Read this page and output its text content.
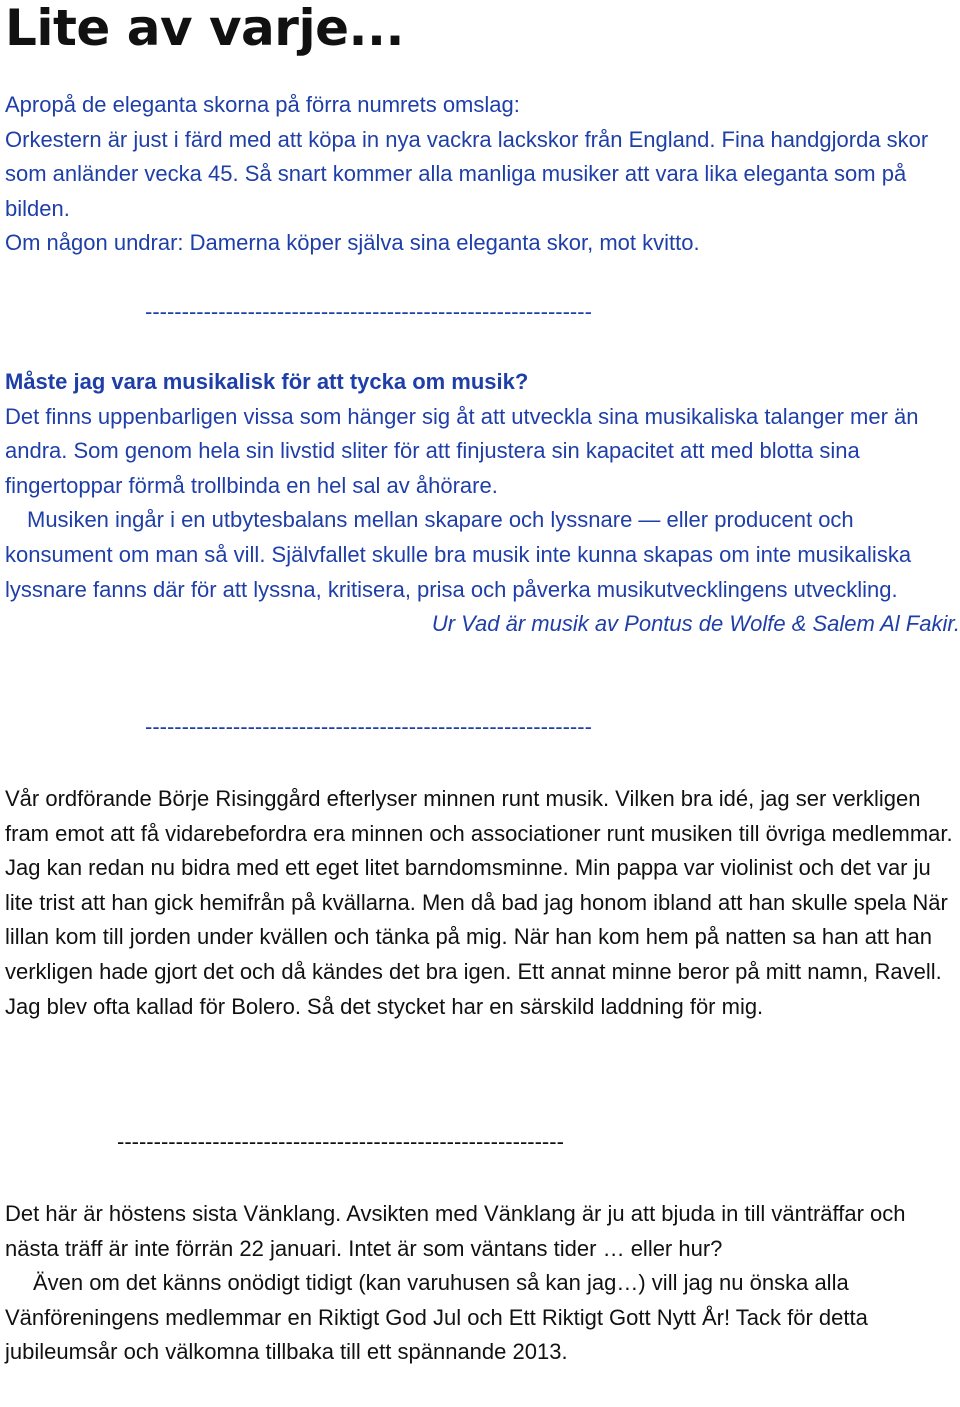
Lite av varje...

Apropå de eleganta skorna på förra numrets omslag:

Orkestern är just i färd med att köpa in nya vackra lackskor från England. Fina handgjorda skor som anländer vecka 45. Så snart kommer alla manliga musiker att vara lika eleganta som på bilden.

Om någon undrar: Damerna köper själva sina eleganta skor, mot kvitto.

-------------------------------------------------------------

Måste jag vara musikalisk för att tycka om musik?

Det finns uppenbarligen vissa som hänger sig åt att utveckla sina musikaliska talanger mer än andra. Som genom hela sin livstid sliter för att finjustera sin kapacitet att med blotta sina fingertoppar förmå trollbinda en hel sal av åhörare.

Musiken ingår i en utbytesbalans mellan skapare och lyssnare — eller producent och konsument om man så vill. Självfallet skulle bra musik inte kunna skapas om inte musikaliska lyssnare fanns där för att lyssna, kritisera, prisa och påverka musikutvecklingens utveckling.

Ur Vad är musik av Pontus de Wolfe & Salem Al Fakir.

-------------------------------------------------------------

Vår ordförande Börje Risinggård efterlyser minnen runt musik. Vilken bra idé, jag ser verkligen fram emot att få vidarebefordra era minnen och associationer runt musiken till övriga medlemmar. Jag kan redan nu bidra med ett eget litet barndomsminne. Min pappa var violinist och det var ju lite trist att han gick hemifrån på kvällarna. Men då bad jag honom ibland att han skulle spela När lillan kom till jorden under kvällen och tänka på mig. När han kom hem på natten sa han att han verkligen hade gjort det och då kändes det bra igen. Ett annat minne beror på mitt namn, Ravell. Jag blev ofta kallad för Bolero. Så det stycket har en särskild laddning för mig.

-------------------------------------------------------------

Det här är höstens sista Vänklang. Avsikten med Vänklang är ju att bjuda in till vänträffar och nästa träff är inte förrän 22 januari. Intet är som väntans tider … eller hur?

Även om det känns onödigt tidigt (kan varuhusen så kan jag…) vill jag nu önska alla Vänföreningens medlemmar en Riktigt God Jul och Ett Riktigt Gott Nytt År! Tack för detta jubileumsår och välkomna tillbaka till ett spännande 2013.
